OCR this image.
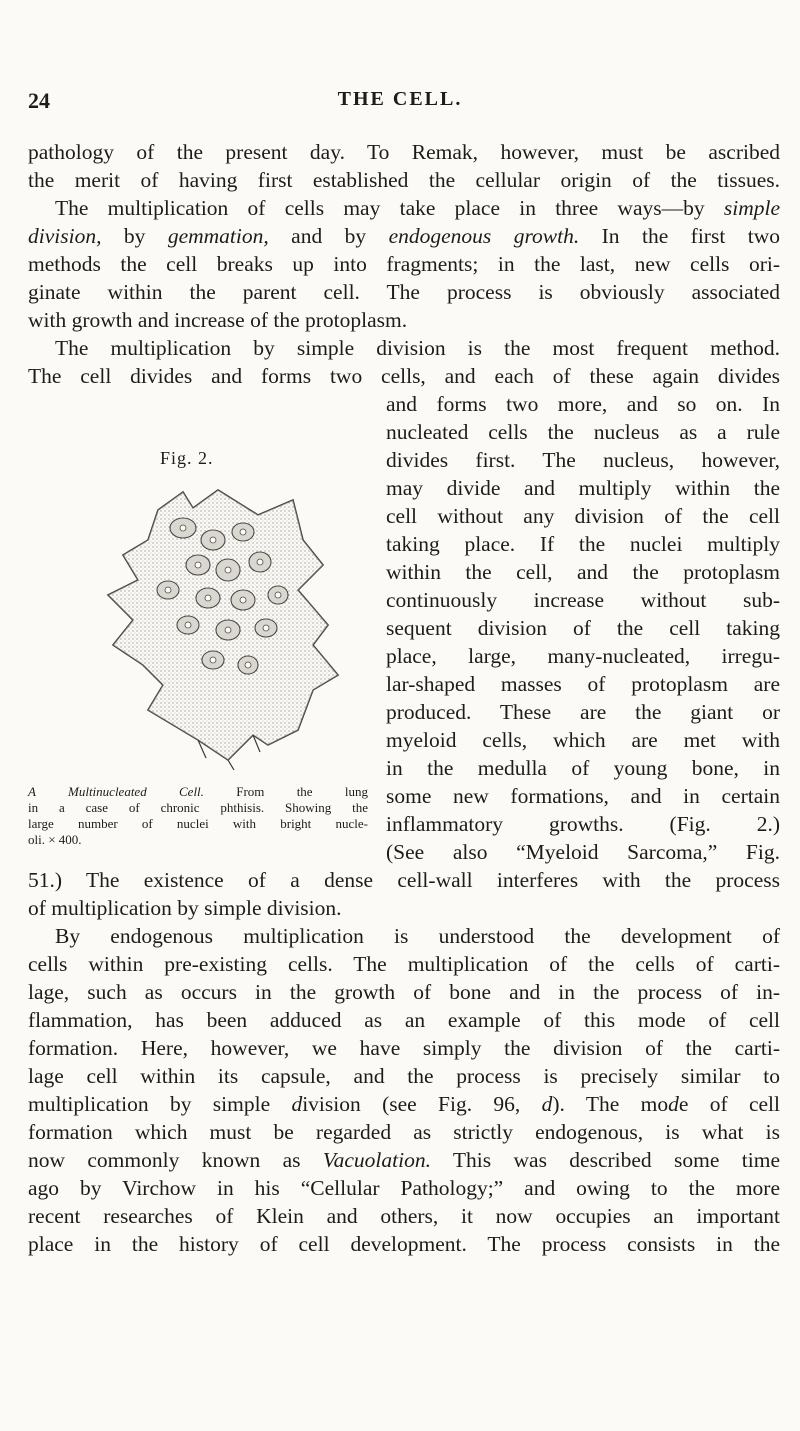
24	THE CELL.
pathology of the present day. To Remak, however, must be ascribed
the merit of having first established the cellular origin of the tissues.
The multiplication of cells may take place in three ways—by simple
division, by gemmation, and by endogenous growth. In the first two
methods the cell breaks up into fragments; in the last, new cells ori-
ginate within the parent cell. The process is obviously associated
with growth and increase of the protoplasm.
The multiplication by simple division is the most frequent method.
The cell divides and forms two cells, and each of these again divides
Fig. 2.
A Multinucleated Cell. From the lung
in a case of chronic phthisis. Showing the
large number of nuclei with bright nucle-
oli. × 400.
and forms two more, and so on. In
nucleated cells the nucleus as a rule
divides first. The nucleus, however,
may divide and multiply within the
cell without any division of the cell
taking place. If the nuclei multiply
within the cell, and the protoplasm
continuously increase without sub-
sequent division of the cell taking
place, large, many-nucleated, irregu-
lar-shaped masses of protoplasm are
produced. These are the giant or
myeloid cells, which are met with
in the medulla of young bone, in
some new formations, and in certain
inflammatory growths. (Fig. 2.)
(See also “Myeloid Sarcoma,” Fig.
51.) The existence of a dense cell-wall interferes with the process
of multiplication by simple division.
By endogenous multiplication is understood the development of
cells within pre-existing cells. The multiplication of the cells of carti-
lage, such as occurs in the growth of bone and in the process of in-
flammation, has been adduced as an example of this mode of cell
formation. Here, however, we have simply the division of the carti-
lage cell within its capsule, and the process is precisely similar to
multiplication by simple division (see Fig. 96, d). The mode of cell
formation which must be regarded as strictly endogenous, is what is
now commonly known as Vacuolation. This was described some time
ago by Virchow in his “Cellular Pathology;” and owing to the more
recent researches of Klein and others, it now occupies an important
place in the history of cell development. The process consists in the
